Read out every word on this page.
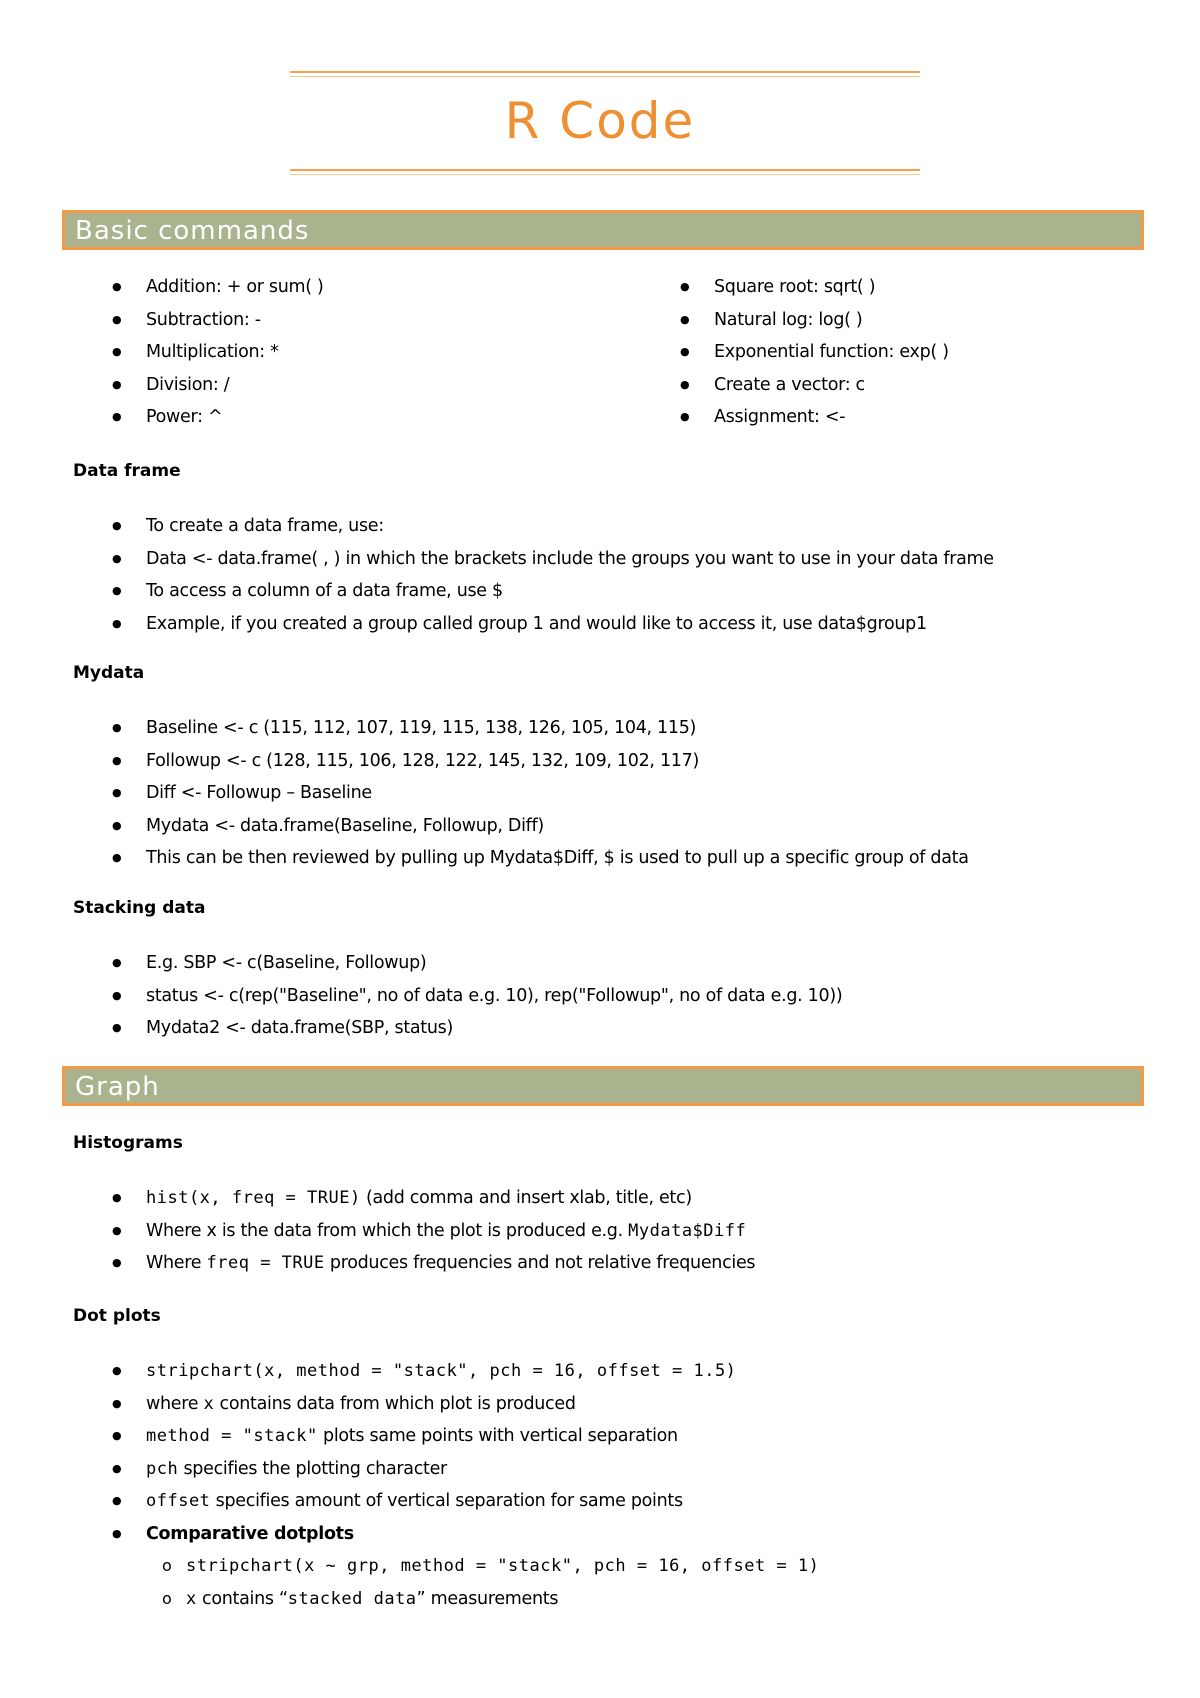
R Code
Basic commands
● Addition: + or sum( )
● Subtraction: -
● Multiplication: *
● Division: /
● Power: ^
● Square root: sqrt( )
● Natural log: log( )
● Exponential function: exp( )
● Create a vector: c
● Assignment: <-
Data frame
● To create a data frame, use:
● Data <- data.frame( , ) in which the brackets include the groups you want to use in your data frame
● To access a column of a data frame, use $
● Example, if you created a group called group 1 and would like to access it, use data$group1
Mydata
● Baseline <- c (115, 112, 107, 119, 115, 138, 126, 105, 104, 115)
● Followup <- c (128, 115, 106, 128, 122, 145, 132, 109, 102, 117)
● Diff <- Followup – Baseline
● Mydata <- data.frame(Baseline, Followup, Diff)
● This can be then reviewed by pulling up Mydata$Diff, $ is used to pull up a specific group of data
Stacking data
● E.g. SBP <- c(Baseline, Followup)
● status <- c(rep("Baseline", no of data e.g. 10), rep("Followup", no of data e.g. 10))
● Mydata2 <- data.frame(SBP, status)
Graph
Histograms
● hist(x, freq = TRUE) (add comma and insert xlab, title, etc)
● Where x is the data from which the plot is produced e.g. Mydata$Diff
● Where freq = TRUE produces frequencies and not relative frequencies
Dot plots
● stripchart(x, method = "stack", pch = 16, offset = 1.5)
● where x contains data from which plot is produced
● method = "stack" plots same points with vertical separation
● pch specifies the plotting character
● offset specifies amount of vertical separation for same points
● Comparative dotplots
o stripchart(x ~ grp, method = "stack", pch = 16, offset = 1)
o x contains “stacked data” measurements
